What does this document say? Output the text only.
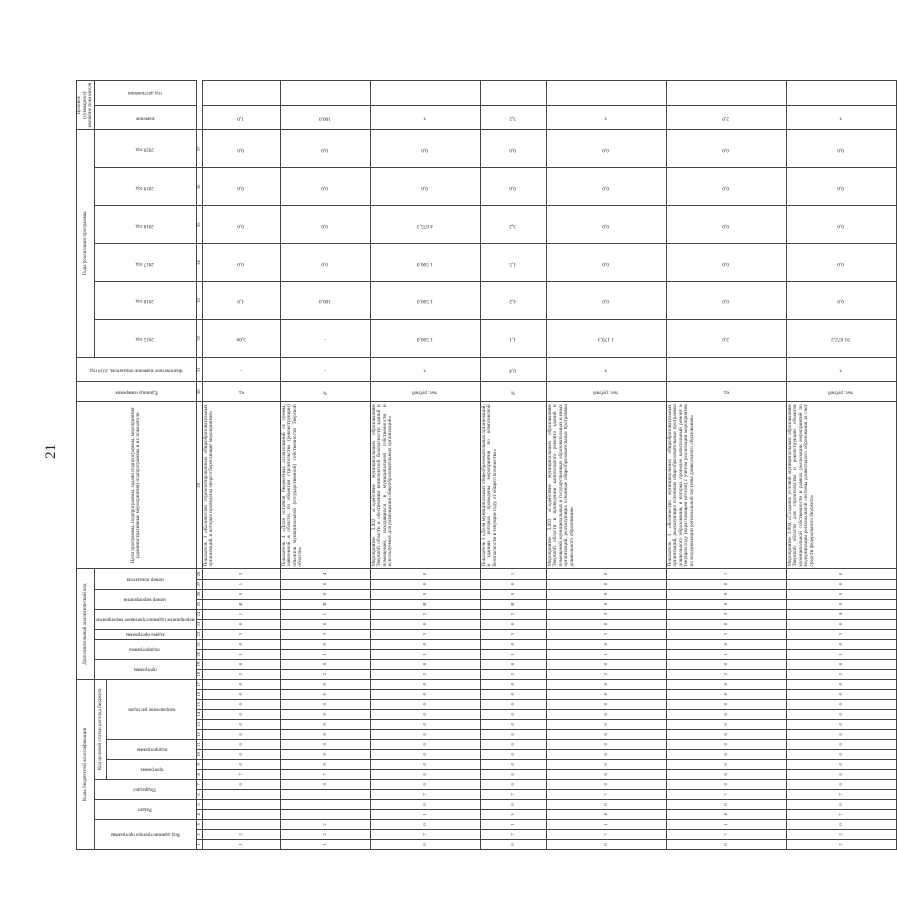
21
Коды бюджетной классификации																	Дополнительный аналитический код											Цели программы, подпрограммы, задачи подпрограммы, мероприятия (административные мероприятия) подпрограммы и их показатели	Единица измерения	Фактическое значение показателя, 2014 год	Годы реализации программы						Целевое (суммарное) значение показателя	
Код администратора программы			Раздел		Подраздел		Код целевой статьи расхода бюджета										программа		подпрограмма		задача программы	мероприятие (административное мероприятие)		номер мероприятия		номер показателя					2015 год	2016 год	2017 год	2018 год	2019 год	2020 год	значение	год достижения
							программа		подпрограмма		направление расходов																											
1	2	3	4	5	6	7	8	9	10	11	12	13	14	15	16	17	18	19	20	21	22	23	24	25	26	27	28	29	30	31	32	33	34	35	36	37		
1	2					0	7	0	0	0	0	0	0	0	0	0	2	8	1	0	3	0	1	К	0	1	3	Показатель 3 «Количество отремонтированных общеобразовательных организаций, в которых проведены энергосберегающие мероприятия»	ед.	-	3,00	1,0	0,0	0,0	0,0	0,0	1,0	
1	2	2				0	7	0	0	0	0	0	0	0	0	0	2	8	1	0	3	0	1	К	0	0	4	Показатель 4 «Доля остатков бюджетных ассигнований от суммы, заявленной в области, по объектам строительства (реконструкции) объектов муниципальной (государственной) собственности Тверской области»	%	-	-	100,0	0,0	0,0	0,0	0,0	100,0	
0	7	0	1	0	7	0	0	0	0	0	0	0	0	0	0	0	2	8	1	0	3	0	2	Н	0	0	0	Мероприятие 3.002 «Содействие муниципальным образованиям Тверской области в обеспечении комплексной безопасности зданий и помещений, находящихся в муниципальной собственности и используемых для размещения общеобразовательных организаций»	тыс. рублей	х	1 500,0	1 500,0	1 500,0	4 675,3	0,0	0,0	х	
0	7	1	3	0	7	0	0	0	0	0	0	0	0	0	0	0	2	8	1	0	3	0	2	Н	0	0	1	Показатель 1 «Доля муниципальных общеобразовательных организаций, в зданиях которых проведены мероприятия по комплексной безопасности в текущем году, от общего количества»	%	0,4	1,1	4,2	1,5	3,2	0,0	0,0	3,2	
0	7	1	4	0	7	0	0	0	0	0	0	0	0	0	0	0	2	8	1	0	3	0	3	0	0	0	0	Мероприятие 3.003 «Содействие муниципальным образованиям Тверской области в проведении капитального ремонта зданий и помещений муниципальных и государственных образовательных и иных организаций, реализующих основные общеобразовательные программы дошкольного образования»	тыс. рублей	х	1 179,3	0,0	0,0	0,0	0,0	0,0	х	
0	7	1	4	0	7	0	0	0	0	0	0	0	0	0	0	0	2	8	1	0	3	0	3	0	0	0	1	Показатель 1 «Количество муниципальных общеобразовательных организаций, реализующих основные общеобразовательные программы дошкольного образования, в которых проведен капитальный ремонт в текущем году (нарастающим итогом) с учетом реализации мероприятия по модернизации региональной системы дошкольного образования»	ед.		2,0	0,0	0,0	0,0	0,0	0,0	2,0	
2	2	0	7	0	7	0	0	0	0	0	0	0	0	0	0	0	2	8	1	0	3	0	4	0	0	0	0	Мероприятие 3.004 «Создание условий муниципальным образованиям Тверской области для строительства и реконструкции объектов муниципальной собственности в рамках реализации мероприятий по модернизации региональной системы дошкольного образования за счет средств федерального бюджета»	тыс. рублей	х	91 672,2	0,0	0,0	0,0	0,0	0,0	х	
